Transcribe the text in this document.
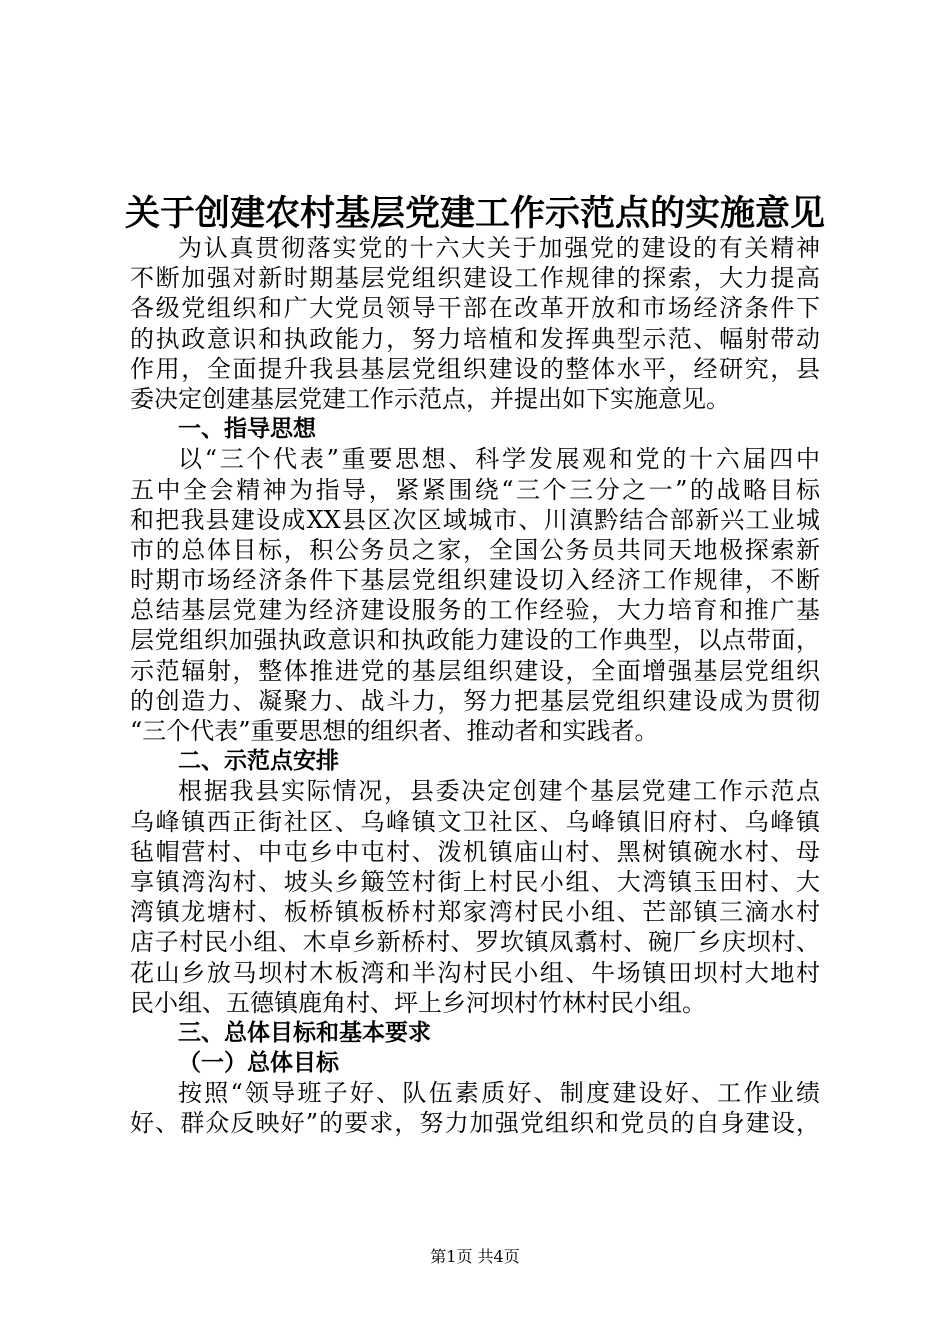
关于创建农村基层党建工作示范点的实施意见
为认真贯彻落实党的十六大关于加强党的建设的有关精神
不断加强对新时期基层党组织建设工作规律的探索，大力提高
各级党组织和广大党员领导干部在改革开放和市场经济条件下
的执政意识和执政能力，努力培植和发挥典型示范、幅射带动
作用，全面提升我县基层党组织建设的整体水平，经研究，县
委决定创建基层党建工作示范点，并提出如下实施意见。
一、指导思想
以“三个代表”重要思想、科学发展观和党的十六届四中
五中全会精神为指导，紧紧围绕“三个三分之一”的战略目标
和把我县建设成XX县区次区域城市、川滇黔结合部新兴工业城
市的总体目标，积公务员之家，全国公务员共同天地极探索新
时期市场经济条件下基层党组织建设切入经济工作规律，不断
总结基层党建为经济建设服务的工作经验，大力培育和推广基
层党组织加强执政意识和执政能力建设的工作典型，以点带面，
示范辐射，整体推进党的基层组织建设，全面增强基层党组织
的创造力、凝聚力、战斗力，努力把基层党组织建设成为贯彻
“三个代表”重要思想的组织者、推动者和实践者。
二、示范点安排
根据我县实际情况，县委决定创建个基层党建工作示范点
乌峰镇西正街社区、乌峰镇文卫社区、乌峰镇旧府村、乌峰镇
毡帽营村、中屯乡中屯村、泼机镇庙山村、黑树镇碗水村、母
享镇湾沟村、坡头乡簸笠村街上村民小组、大湾镇玉田村、大
湾镇龙塘村、板桥镇板桥村郑家湾村民小组、芒部镇三滴水村
店子村民小组、木卓乡新桥村、罗坎镇凤翥村、碗厂乡庆坝村、
花山乡放马坝村木板湾和半沟村民小组、牛场镇田坝村大地村
民小组、五德镇鹿角村、坪上乡河坝村竹林村民小组。
三、总体目标和基本要求
（一）总体目标
按照“领导班子好、队伍素质好、制度建设好、工作业绩
好、群众反映好”的要求，努力加强党组织和党员的自身建设，
第1页 共4页
